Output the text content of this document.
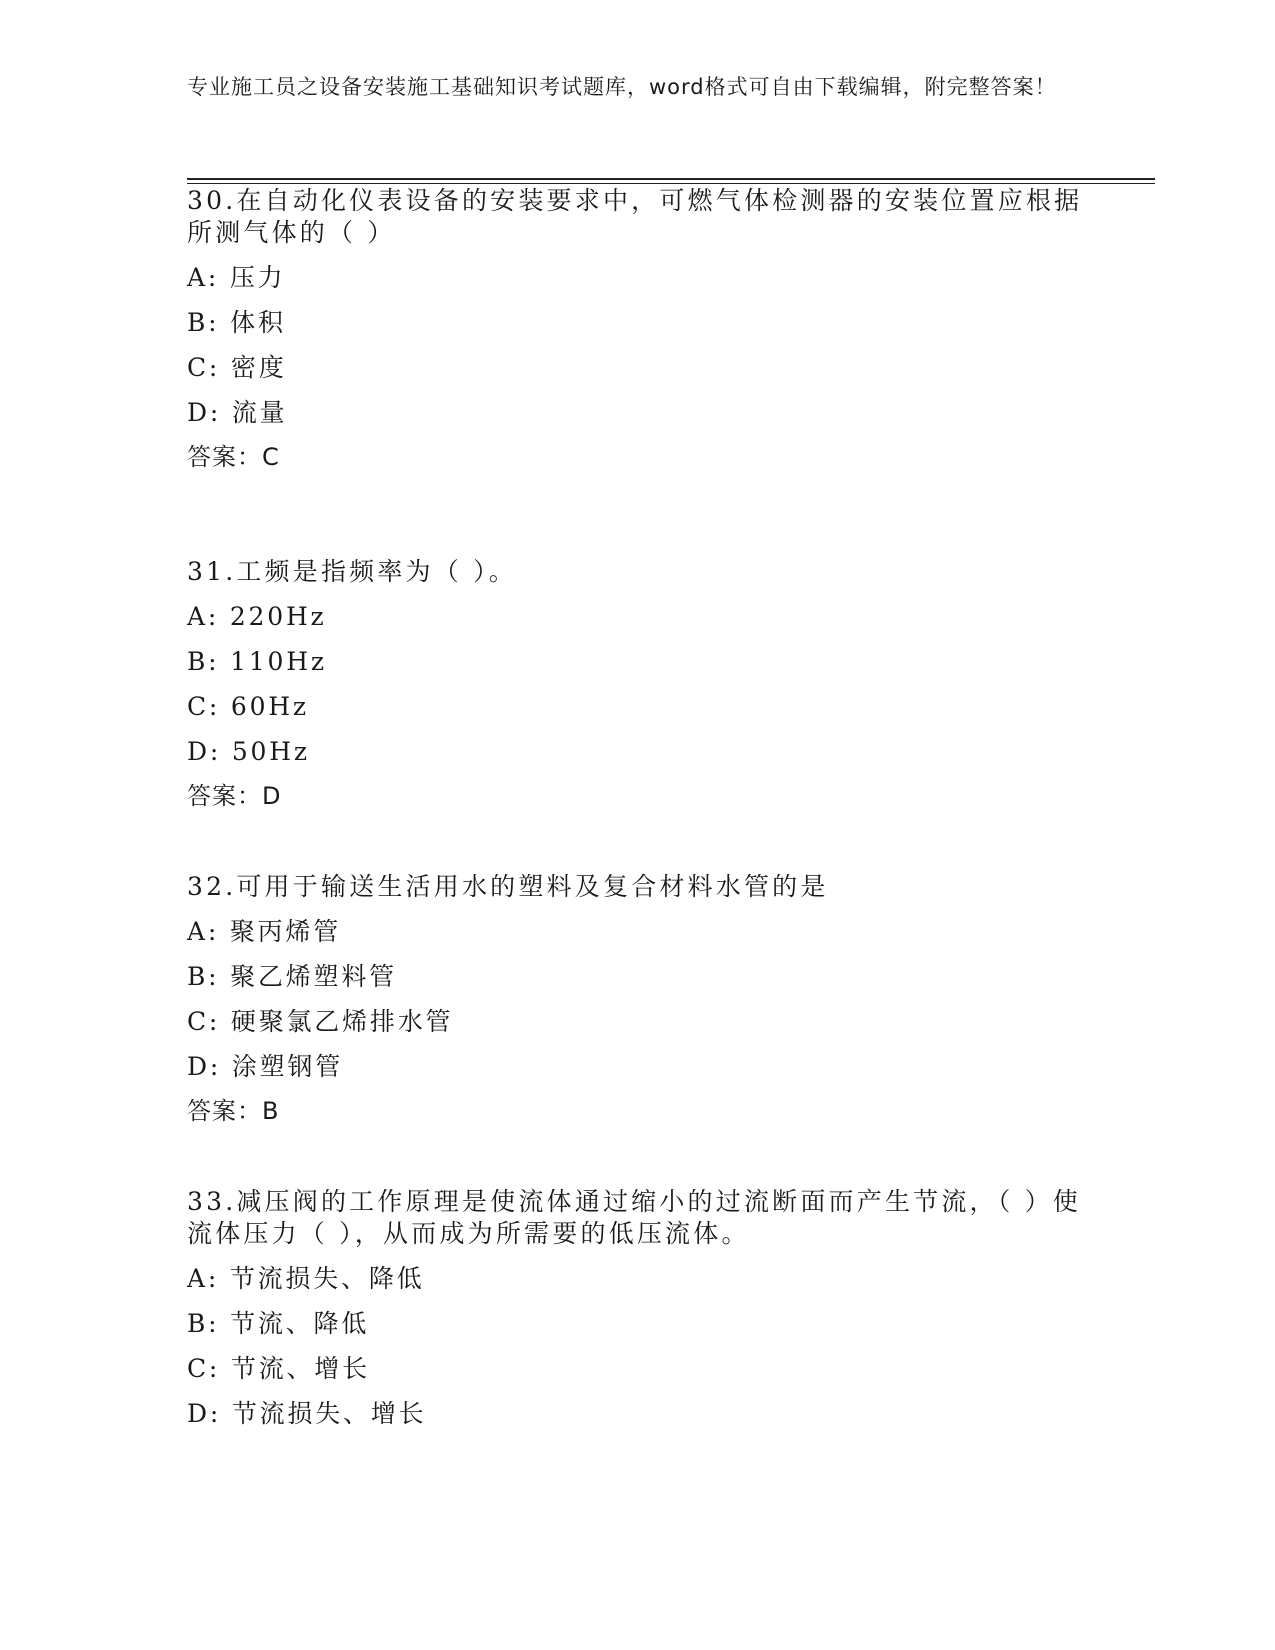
专业施工员之设备安装施工基础知识考试题库，word格式可自由下载编辑，附完整答案！
30.在自动化仪表设备的安装要求中，可燃气体检测器的安装位置应根据所测气体的（ ）
A: 压力
B: 体积
C: 密度
D: 流量
答案：C
31.工频是指频率为（ ）。
A: 220Hz
B: 110Hz
C: 60Hz
D: 50Hz
答案：D
32.可用于输送生活用水的塑料及复合材料水管的是
A: 聚丙烯管
B: 聚乙烯塑料管
C: 硬聚氯乙烯排水管
D: 涂塑钢管
答案：B
33.减压阀的工作原理是使流体通过缩小的过流断面而产生节流，（ ）使流体压力（ ），从而成为所需要的低压流体。
A: 节流损失、降低
B: 节流、降低
C: 节流、增长
D: 节流损失、增长
